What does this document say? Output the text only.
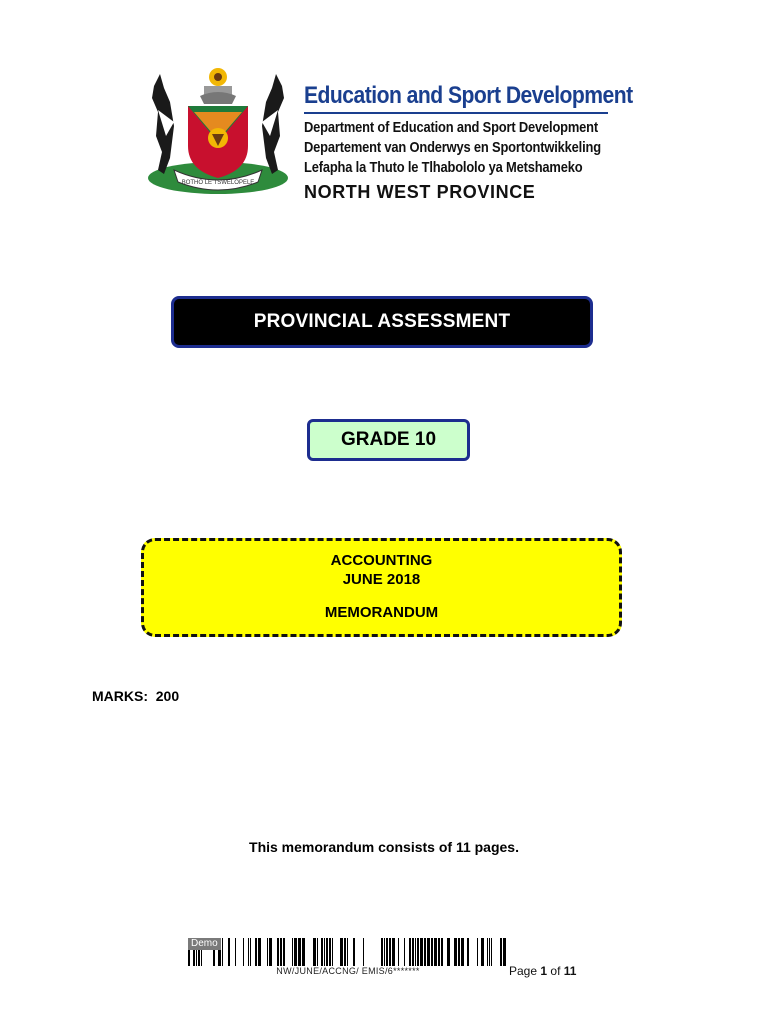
BOTHO LE TSWELOPELE
Education and Sport Development
Department of Education and Sport Development
Departement van Onderwys en Sportontwikkeling
Lefapha la Thuto le Tlhabololo ya Metshameko
NORTH WEST PROVINCE
PROVINCIAL ASSESSMENT
GRADE 10
ACCOUNTING
JUNE 2018
MEMORANDUM
MARKS:  200
This memorandum consists of 11 pages.
Demo
NW/JUNE/ACCNG/ EMIS/6*******	Page 1 of 11
